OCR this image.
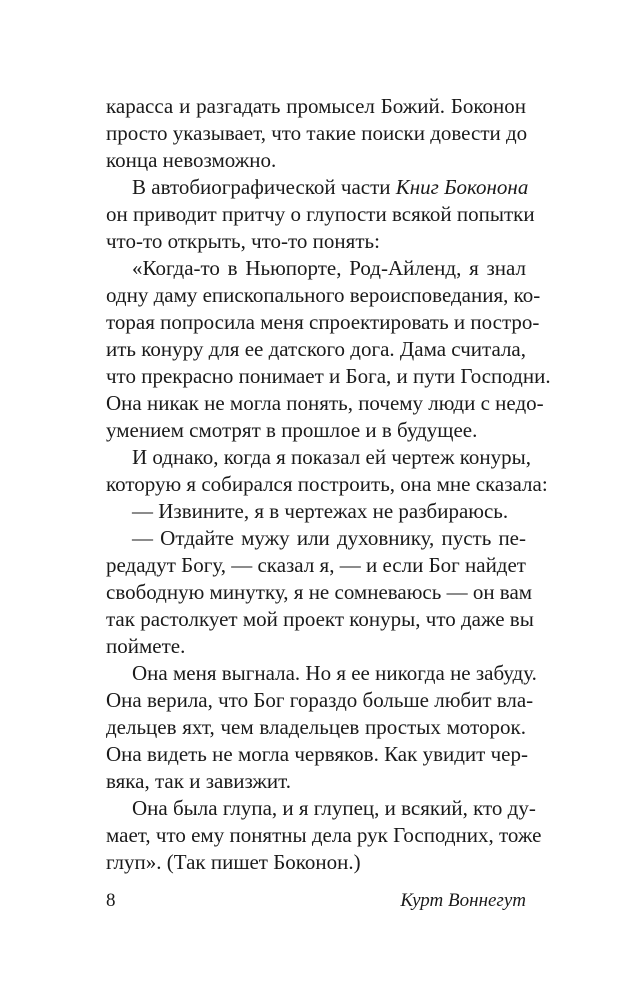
карасса и разгадать промысел Божий. Боконон
просто указывает, что такие поиски довести до
конца невозможно.
В автобиографической части Книг Боконона
он приводит притчу о глупости всякой попытки
что-то открыть, что-то понять:
«Когда-то в Ньюпорте, Род-Айленд, я знал
одну даму епископального вероисповедания, ко-
торая попросила меня спроектировать и постро-
ить конуру для ее датского дога. Дама считала,
что прекрасно понимает и Бога, и пути Господни.
Она никак не могла понять, почему люди с недо-
умением смотрят в прошлое и в будущее.
И однако, когда я показал ей чертеж конуры,
которую я собирался построить, она мне сказала:
— Извините, я в чертежах не разбираюсь.
— Отдайте мужу или духовнику, пусть пе-
редадут Богу, — сказал я, — и если Бог найдет
свободную минутку, я не сомневаюсь — он вам
так растолкует мой проект конуры, что даже вы
поймете.
Она меня выгнала. Но я ее никогда не забуду.
Она верила, что Бог гораздо больше любит вла-
дельцев яхт, чем владельцев простых моторок.
Она видеть не могла червяков. Как увидит чер-
вяка, так и завизжит.
Она была глупа, и я глупец, и всякий, кто ду-
мает, что ему понятны дела рук Господних, тоже
глуп». (Так пишет Боконон.)
8	Курт Воннегут
